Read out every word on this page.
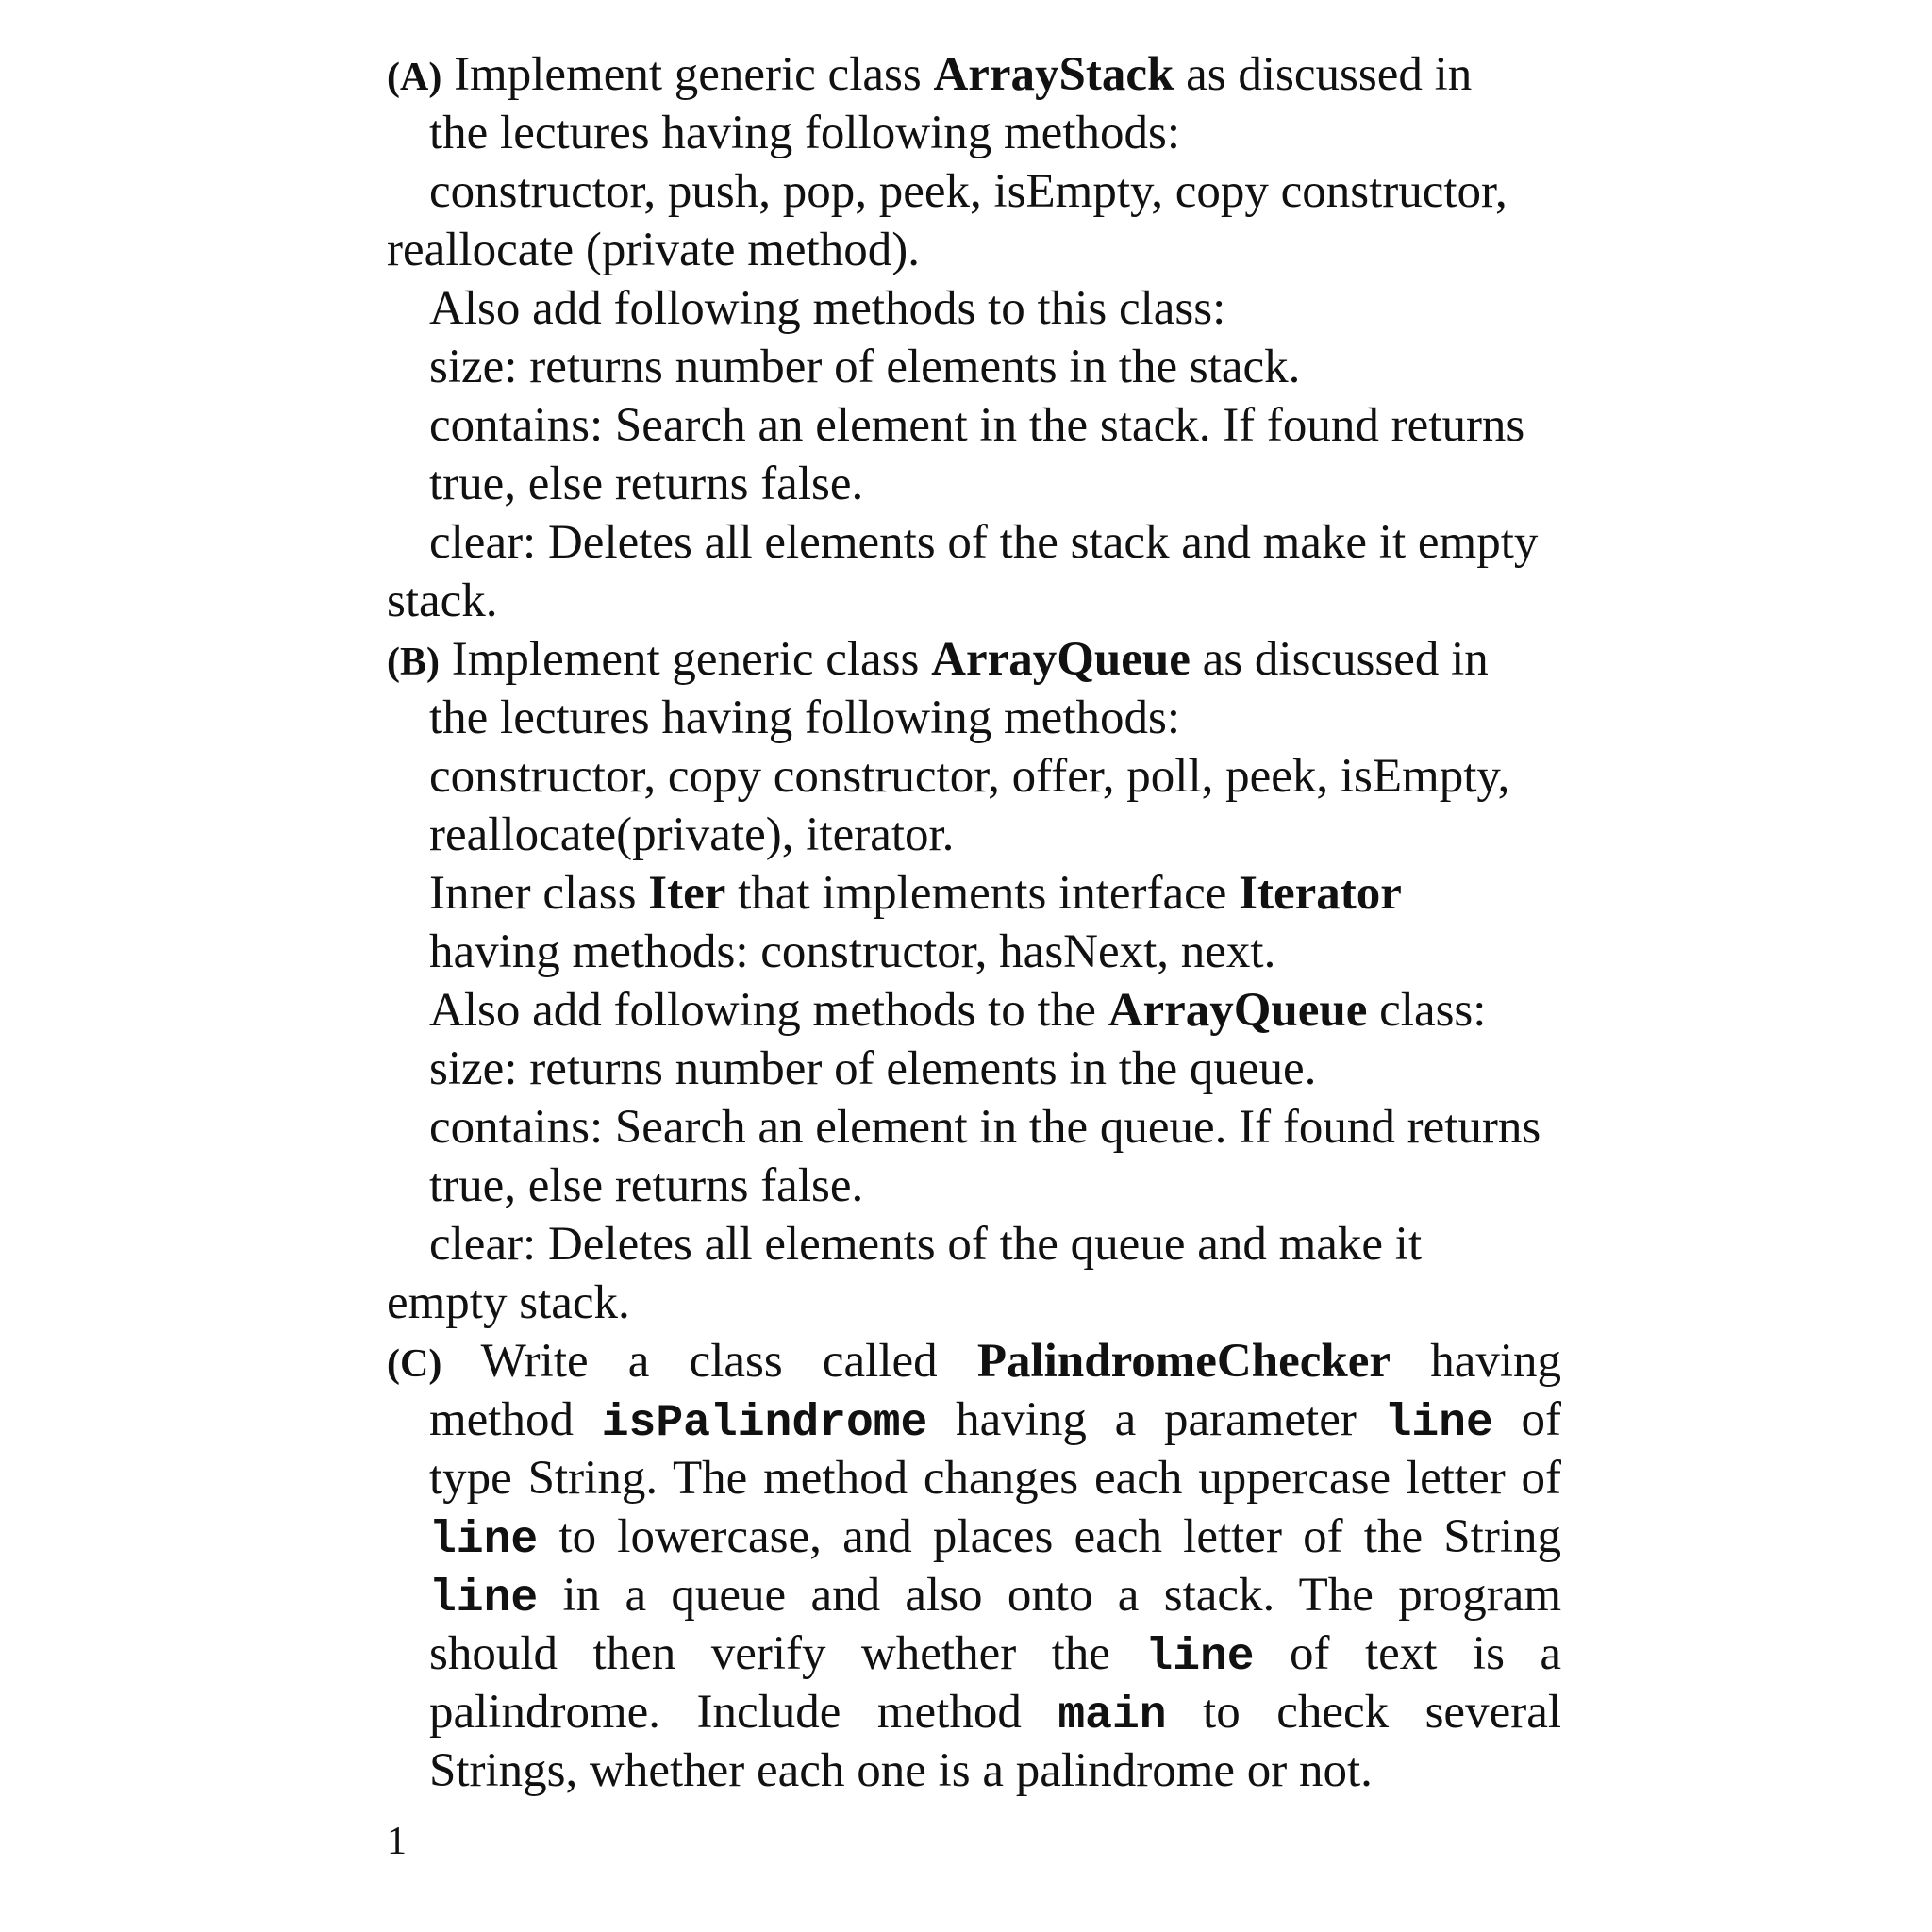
(A) Implement generic class ArrayStack as discussed in
the lectures having following methods:
constructor, push, pop, peek, isEmpty, copy constructor,
reallocate (private method).
Also add following methods to this class:
size: returns number of elements in the stack.
contains: Search an element in the stack. If found returns
true, else returns false.
clear: Deletes all elements of the stack and make it empty
stack.
(B) Implement generic class ArrayQueue as discussed in
the lectures having following methods:
constructor, copy constructor, offer, poll, peek, isEmpty,
reallocate(private), iterator.
Inner class Iter that implements interface Iterator
having methods: constructor, hasNext, next.
Also add following methods to the ArrayQueue class:
size: returns number of elements in the queue.
contains: Search an element in the queue. If found returns
true, else returns false.
clear: Deletes all elements of the queue and make it
empty stack.
(C) Write a class called PalindromeChecker having
method isPalindrome having a parameter line of
type String. The method changes each uppercase letter of
line to lowercase, and places each letter of the String
line in a queue and also onto a stack. The program
should then verify whether the line of text is a
palindrome. Include method main to check several
Strings, whether each one is a palindrome or not.
1
